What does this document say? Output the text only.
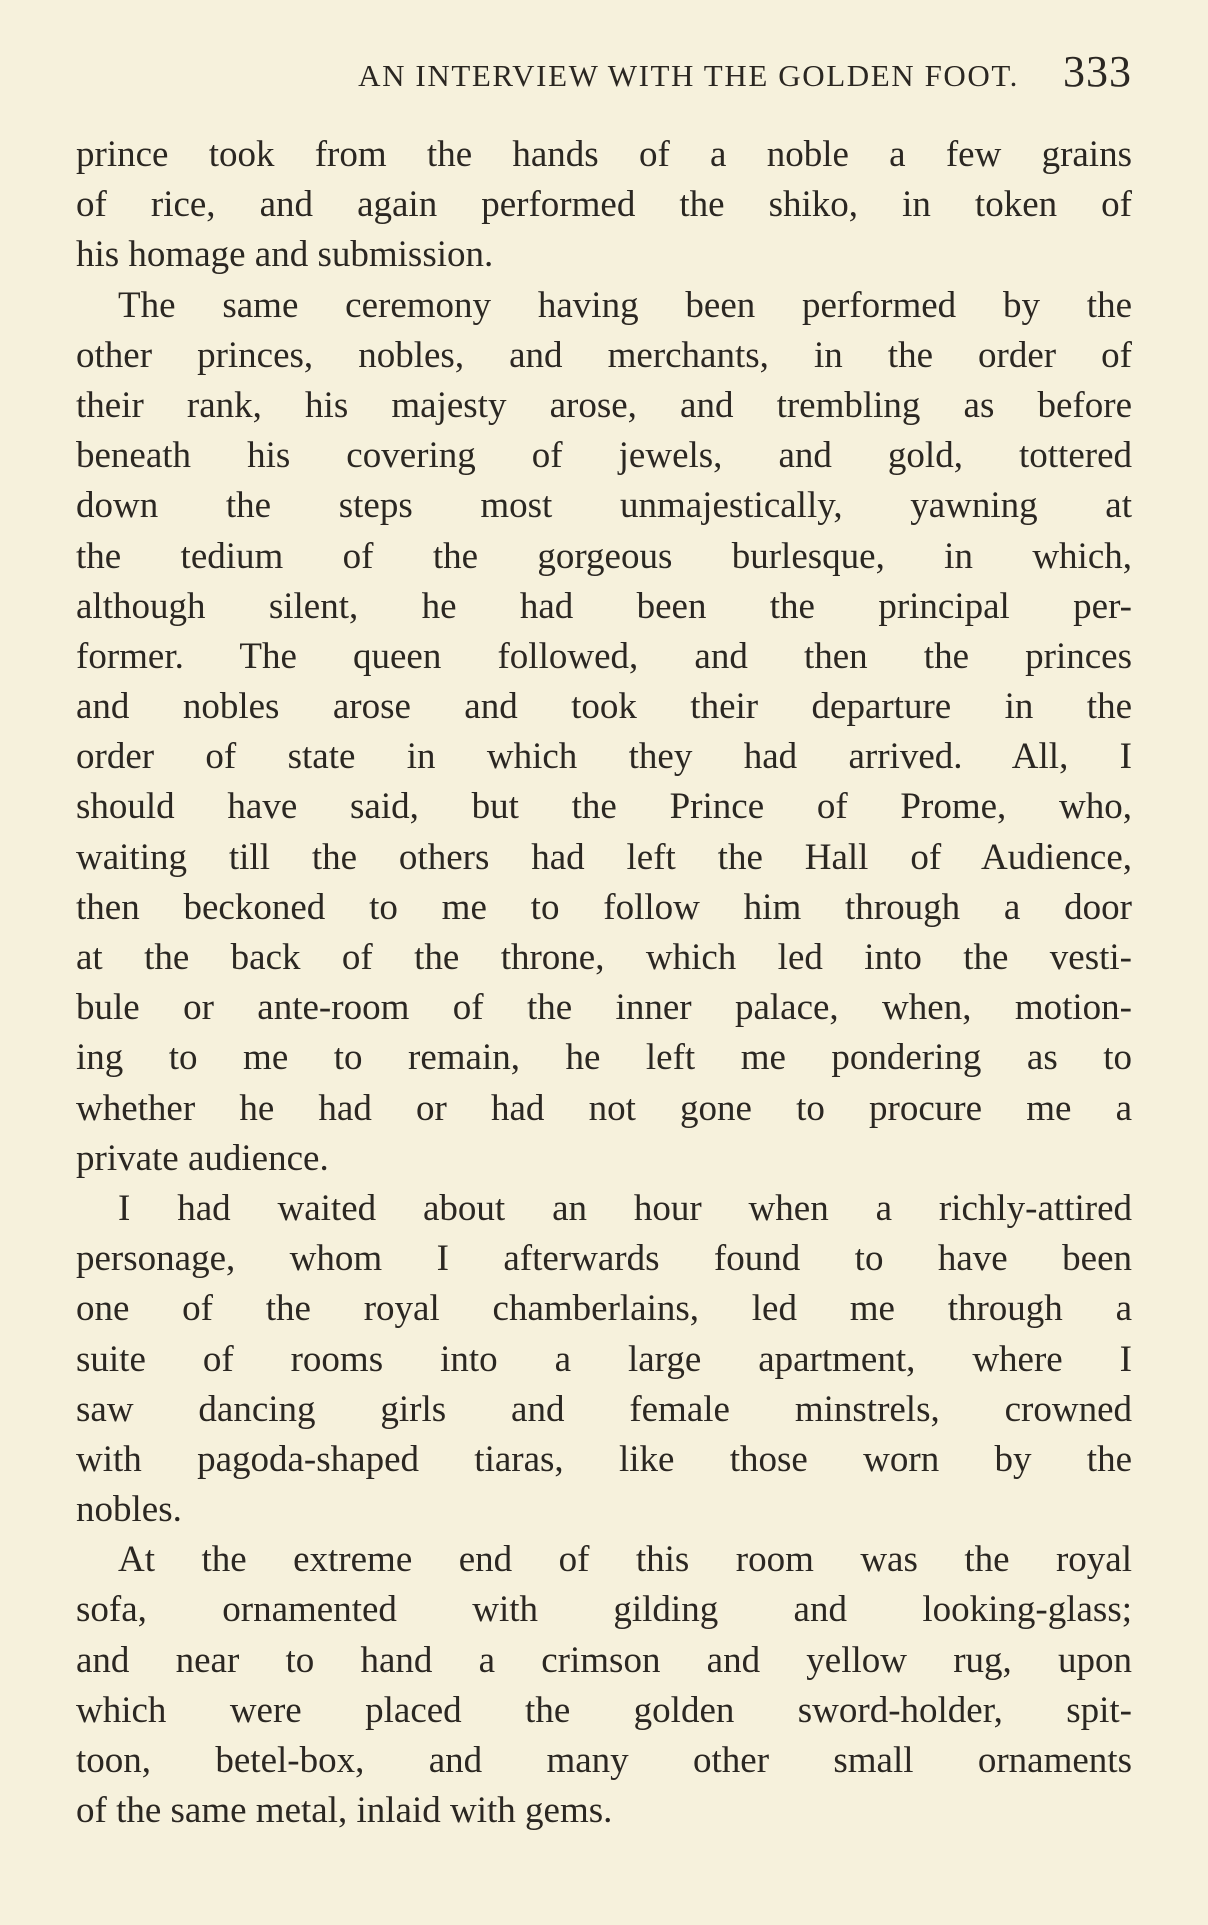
AN INTERVIEW WITH THE GOLDEN FOOT. 333

prince took from the hands of a noble a few grains
of rice, and again performed the shiko, in token of
his homage and submission.

The same ceremony having been performed by the
other princes, nobles, and merchants, in the order of
their rank, his majesty arose, and trembling as before
beneath his covering of jewels, and gold, tottered
down the steps most unmajestically, yawning at
the tedium of the gorgeous burlesque, in which,
although silent, he had been the principal per-
former. The queen followed, and then the princes
and nobles arose and took their departure in the
order of state in which they had arrived. All, I
should have said, but the Prince of Prome, who,
waiting till the others had left the Hall of Audience,
then beckoned to me to follow him through a door
at the back of the throne, which led into the vesti-
bule or ante-room of the inner palace, when, motion-
ing to me to remain, he left me pondering as to
whether he had or had not gone to procure me a
private audience.

I had waited about an hour when a richly-attired
personage, whom I afterwards found to have been
one of the royal chamberlains, led me through a
suite of rooms into a large apartment, where I
saw dancing girls and female minstrels, crowned
with pagoda-shaped tiaras, like those worn by the
nobles.

At the extreme end of this room was the royal
sofa, ornamented with gilding and looking-glass;
and near to hand a crimson and yellow rug, upon
which were placed the golden sword-holder, spit-
toon, betel-box, and many other small ornaments
of the same metal, inlaid with gems.
